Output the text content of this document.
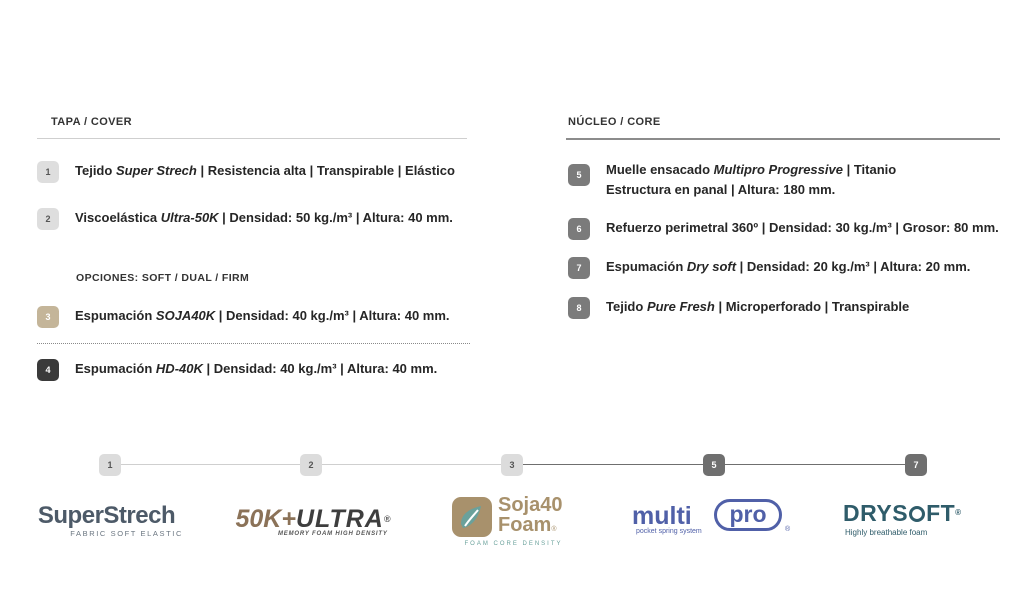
TAPA / COVER
1	Tejido Super Strech | Resistencia alta | Transpirable | Elástico
2	Viscoelástica Ultra-50K | Densidad: 50 kg./m³ | Altura: 40 mm.
OPCIONES: SOFT / DUAL / FIRM
3	Espumación SOJA40K | Densidad: 40 kg./m³ | Altura: 40 mm.
4	Espumación HD-40K | Densidad: 40 kg./m³ | Altura: 40 mm.
NÚCLEO / CORE
5	Muelle ensacado Multipro Progressive | Titanio
Estructura en panal | Altura: 180 mm.
6	Refuerzo perimetral 360º | Densidad: 30 kg./m³ | Grosor: 80 mm.
7	Espumación Dry soft | Densidad: 20 kg./m³ | Altura: 20 mm.
8	Tejido Pure Fresh | Microperforado | Transpirable
1	2	3	5	7
SuperStrech
FABRIC SOFT ELASTIC
50K+ULTRA®
MEMORY FOAM HIGH DENSITY
Soja40
Foam®
FOAM CORE DENSITY
multi	pro
®
pocket spring system
DRYS FT®
Highly breathable foam
